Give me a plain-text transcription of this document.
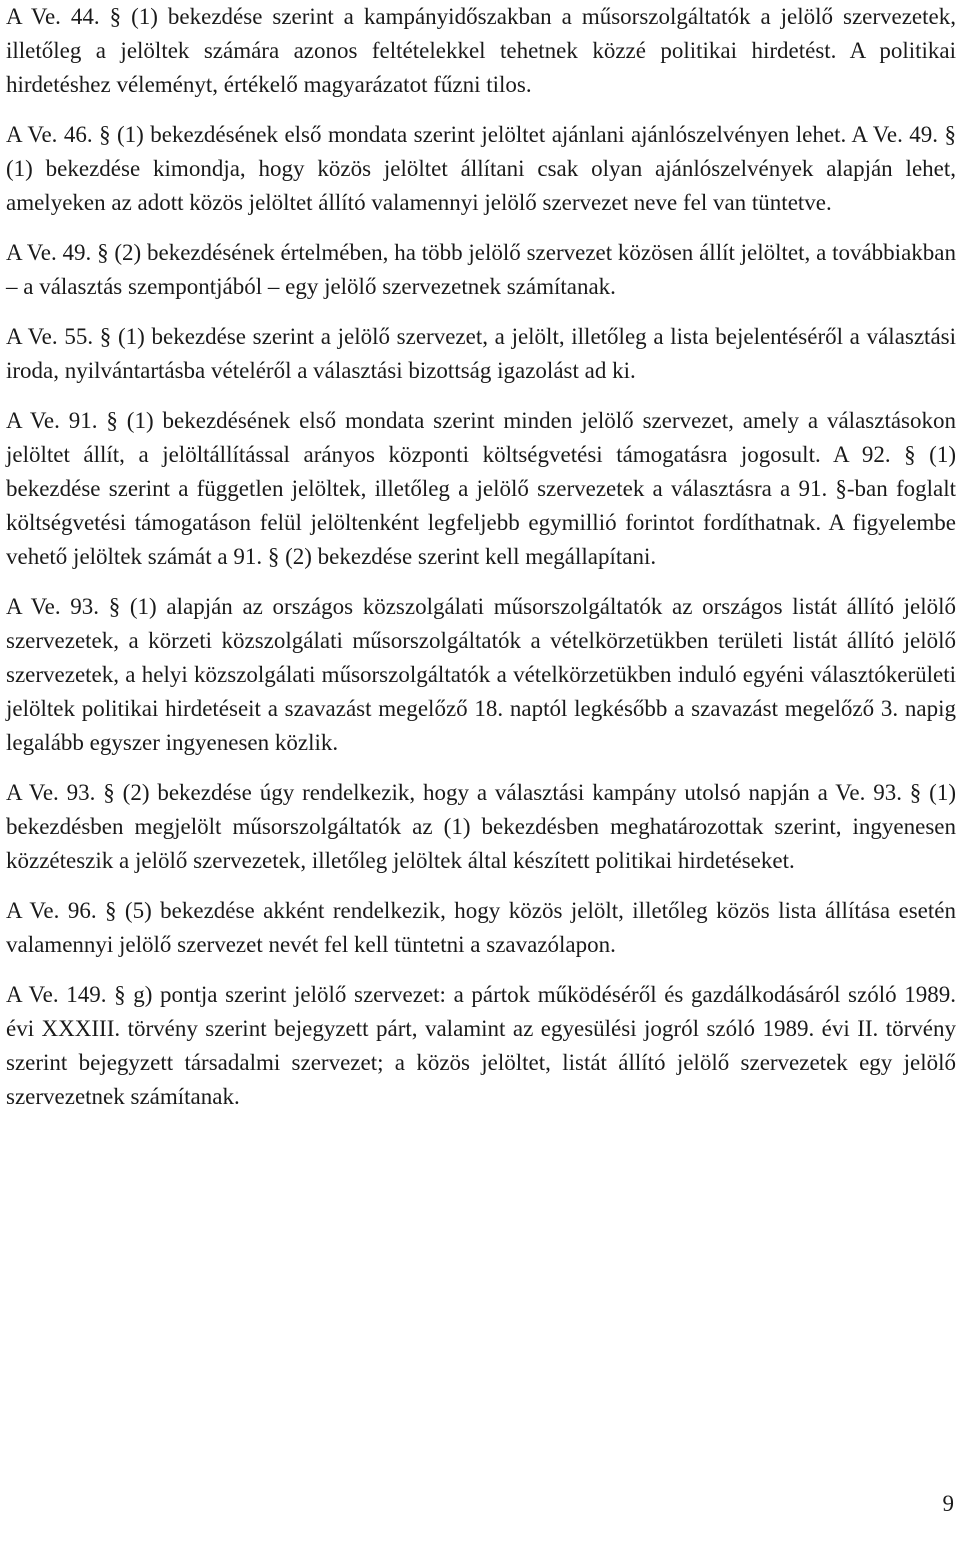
A Ve. 44. § (1) bekezdése szerint a kampányidőszakban a műsorszolgáltatók a jelölő szervezetek, illetőleg a jelöltek számára azonos feltételekkel tehetnek közzé politikai hirdetést. A politikai hirdetéshez véleményt, értékelő magyarázatot fűzni tilos.

A Ve. 46. § (1) bekezdésének első mondata szerint jelöltet ajánlani ajánlószelvényen lehet. A Ve. 49. § (1) bekezdése kimondja, hogy közös jelöltet állítani csak olyan ajánlószelvények alapján lehet, amelyeken az adott közös jelöltet állító valamennyi jelölő szervezet neve fel van tüntetve.

A Ve. 49. § (2) bekezdésének értelmében, ha több jelölő szervezet közösen állít jelöltet, a továbbiakban – a választás szempontjából – egy jelölő szervezetnek számítanak.

A Ve. 55. § (1) bekezdése szerint a jelölő szervezet, a jelölt, illetőleg a lista bejelentéséről a választási iroda, nyilvántartásba vételéről a választási bizottság igazolást ad ki.

A Ve. 91. § (1) bekezdésének első mondata szerint minden jelölő szervezet, amely a választásokon jelöltet állít, a jelöltállítással arányos központi költségvetési támogatásra jogosult. A 92. § (1) bekezdése szerint a független jelöltek, illetőleg a jelölő szervezetek a választásra a 91. §-ban foglalt költségvetési támogatáson felül jelöltenként legfeljebb egymillió forintot fordíthatnak. A figyelembe vehető jelöltek számát a 91. § (2) bekezdése szerint kell megállapítani.

A Ve. 93. § (1) alapján az országos közszolgálati műsorszolgáltatók az országos listát állító jelölő szervezetek, a körzeti közszolgálati műsorszolgáltatók a vételkörzetükben területi listát állító jelölő szervezetek, a helyi közszolgálati műsorszolgáltatók a vételkörzetükben induló egyéni választókerületi jelöltek politikai hirdetéseit a szavazást megelőző 18. naptól legkésőbb a szavazást megelőző 3. napig legalább egyszer ingyenesen közlik.

A Ve. 93. § (2) bekezdése úgy rendelkezik, hogy a választási kampány utolsó napján a Ve. 93. § (1) bekezdésben megjelölt műsorszolgáltatók az (1) bekezdésben meghatározottak szerint, ingyenesen közzéteszik a jelölő szervezetek, illetőleg jelöltek által készített politikai hirdetéseket.

A Ve. 96. § (5) bekezdése akként rendelkezik, hogy közös jelölt, illetőleg közös lista állítása esetén valamennyi jelölő szervezet nevét fel kell tüntetni a szavazólapon.

A Ve. 149. § g) pontja szerint jelölő szervezet: a pártok működéséről és gazdálkodásáról szóló 1989. évi XXXIII. törvény szerint bejegyzett párt, valamint az egyesülési jogról szóló 1989. évi II. törvény szerint bejegyzett társadalmi szervezet; a közös jelöltet, listát állító jelölő szervezetek egy jelölő szervezetnek számítanak.

9
